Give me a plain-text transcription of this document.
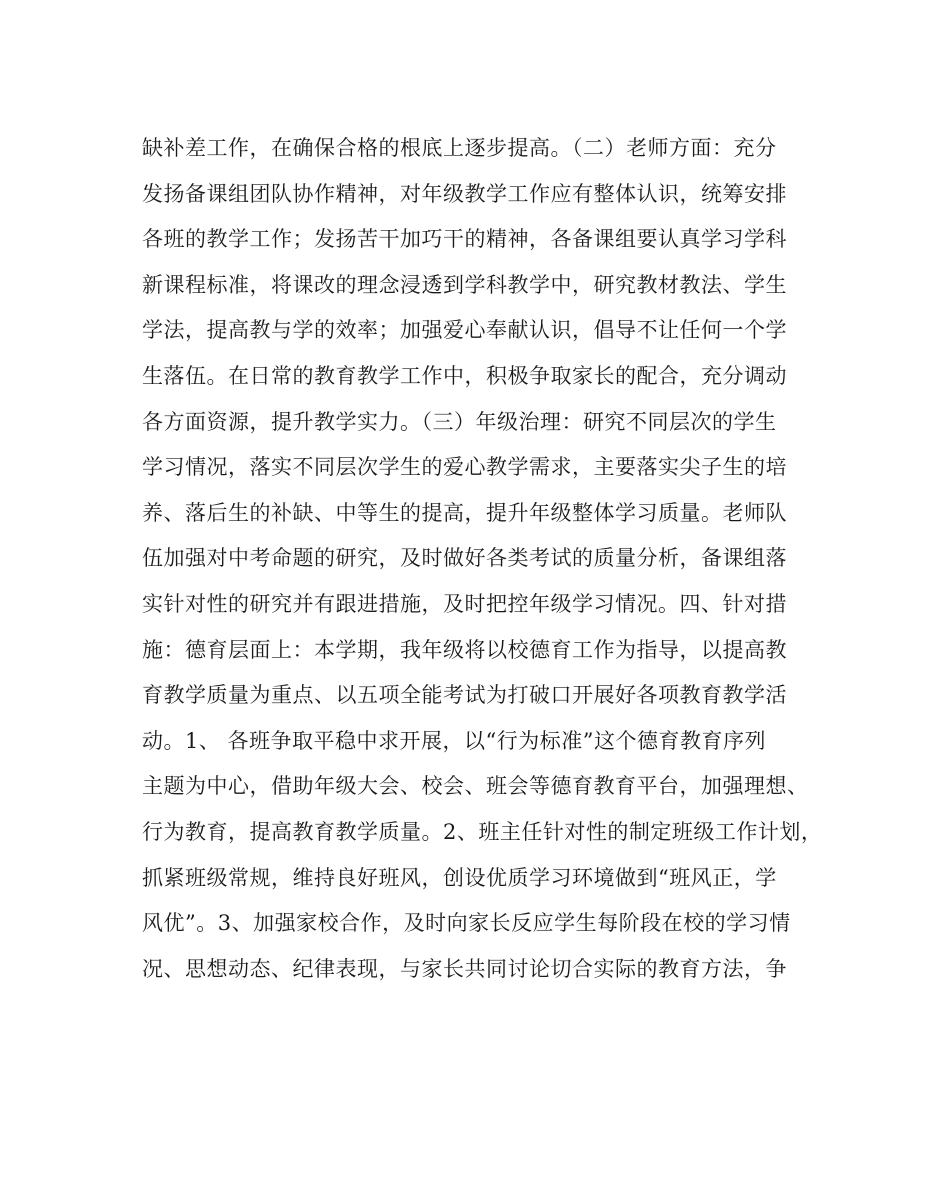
缺补差工作，在确保合格的根底上逐步提高。（二）老师方面：充分
发扬备课组团队协作精神，对年级教学工作应有整体认识，统筹安排
各班的教学工作；发扬苦干加巧干的精神，各备课组要认真学习学科
新课程标准，将课改的理念浸透到学科教学中，研究教材教法、学生
学法，提高教与学的效率；加强爱心奉献认识，倡导不让任何一个学
生落伍。在日常的教育教学工作中，积极争取家长的配合，充分调动
各方面资源，提升教学实力。（三）年级治理：研究不同层次的学生
学习情况，落实不同层次学生的爱心教学需求，主要落实尖子生的培
养、落后生的补缺、中等生的提高，提升年级整体学习质量。老师队
伍加强对中考命题的研究，及时做好各类考试的质量分析，备课组落
实针对性的研究并有跟进措施，及时把控年级学习情况。四、针对措
施：德育层面上：本学期，我年级将以校德育工作为指导，以提高教
育教学质量为重点、以五项全能考试为打破口开展好各项教育教学活
动。1、 各班争取平稳中求开展，以“行为标准”这个德育教育序列
主题为中心，借助年级大会、校会、班会等德育教育平台，加强理想、
行为教育，提高教育教学质量。2、班主任针对性的制定班级工作计划，
抓紧班级常规，维持良好班风，创设优质学习环境做到“班风正，学
风优”。3、加强家校合作，及时向家长反应学生每阶段在校的学习情
况、思想动态、纪律表现，与家长共同讨论切合实际的教育方法，争
